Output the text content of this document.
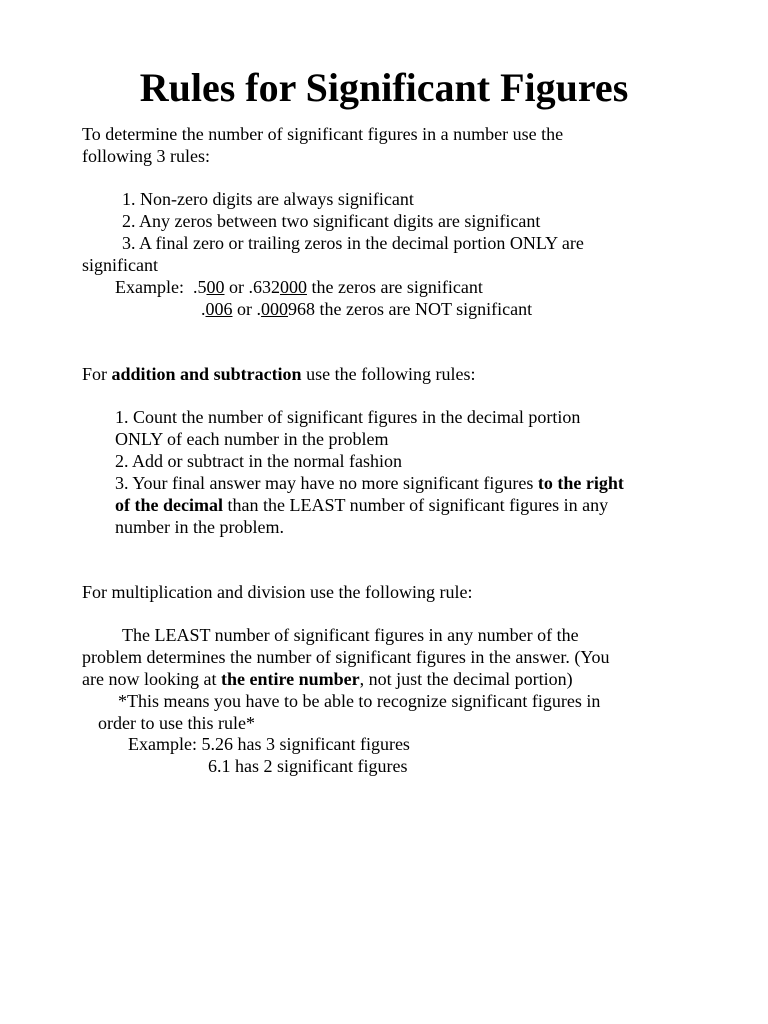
Rules for Significant Figures
To determine the number of significant figures in a number use the
following 3 rules:
1. Non-zero digits are always significant
2. Any zeros between two significant digits are significant
3. A final zero or trailing zeros in the decimal portion ONLY are
significant
Example: .500 or .632000 the zeros are significant
.006 or .000968 the zeros are NOT significant
For addition and subtraction use the following rules:
1. Count the number of significant figures in the decimal portion
ONLY of each number in the problem
2. Add or subtract in the normal fashion
3. Your final answer may have no more significant figures to the right
of the decimal than the LEAST number of significant figures in any
number in the problem.
For multiplication and division use the following rule:
The LEAST number of significant figures in any number of the
problem determines the number of significant figures in the answer. (You
are now looking at the entire number, not just the decimal portion)
*This means you have to be able to recognize significant figures in
order to use this rule*
Example: 5.26 has 3 significant figures
6.1 has 2 significant figures
